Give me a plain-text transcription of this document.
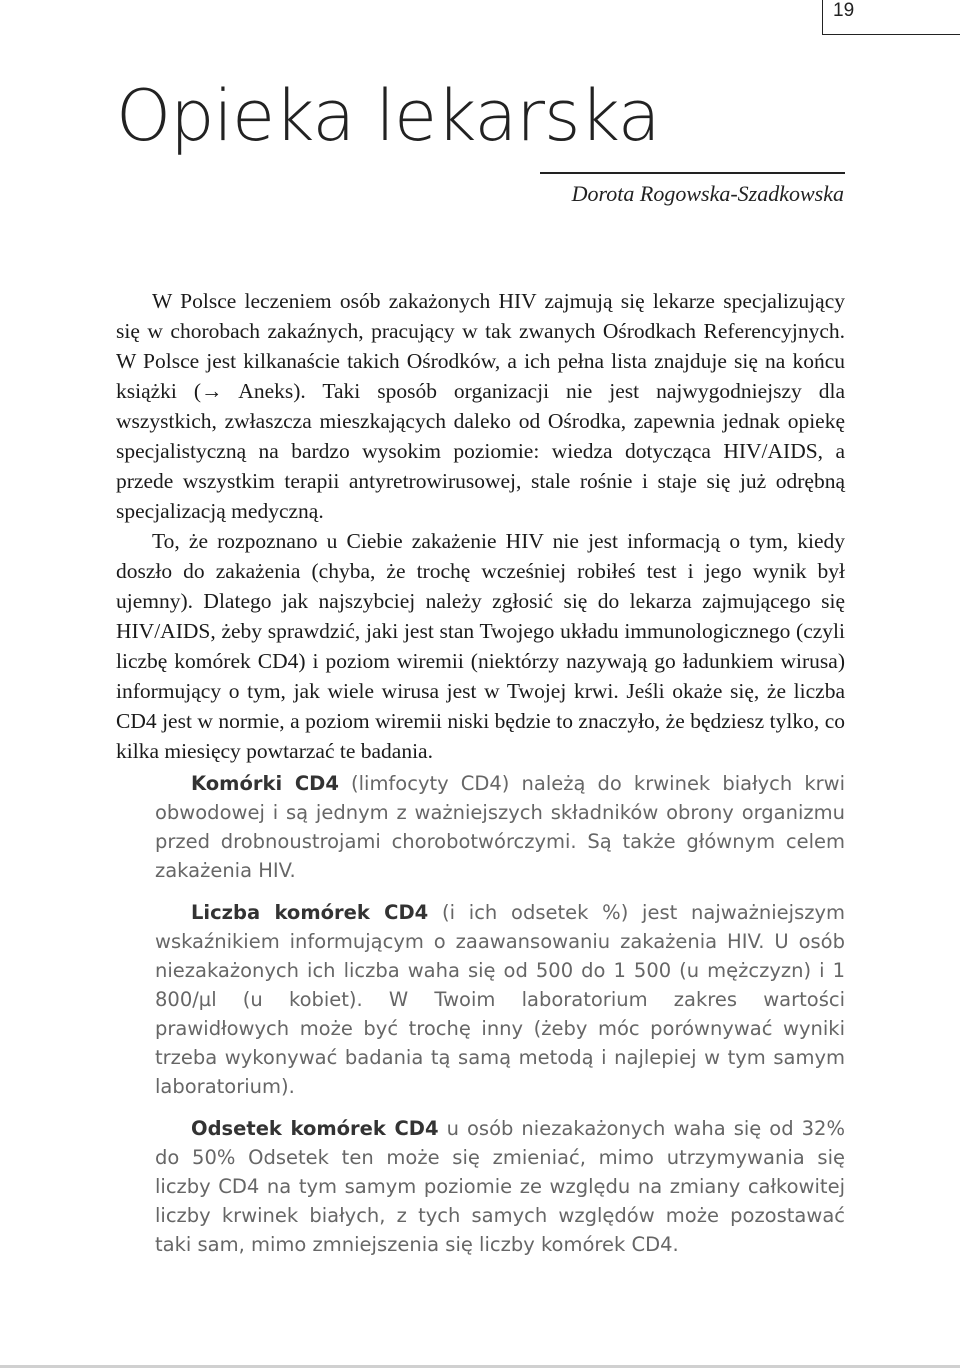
19
Opieka lekarska
Dorota Rogowska-Szadkowska

W Polsce leczeniem osób zakażonych HIV zajmują się lekarze specjalizujący się w chorobach zakaźnych, pracujący w tak zwanych Ośrodkach Referencyjnych. W Polsce jest kilkanaście takich Ośrodków, a ich pełna lista znajduje się na końcu książki (→ Aneks). Taki sposób organizacji nie jest najwygodniejszy dla wszystkich, zwłaszcza mieszkających daleko od Ośrodka, zapewnia jednak opiekę specjalistyczną na bardzo wysokim poziomie: wiedza dotycząca HIV/AIDS, a przede wszystkim terapii antyretrowirusowej, stale rośnie i staje się już odrębną specjalizacją medyczną.

To, że rozpoznano u Ciebie zakażenie HIV nie jest informacją o tym, kiedy doszło do zakażenia (chyba, że trochę wcześniej robiłeś test i jego wynik był ujemny). Dlatego jak najszybciej należy zgłosić się do lekarza zajmującego się HIV/AIDS, żeby sprawdzić, jaki jest stan Twojego układu immunologicznego (czyli liczbę komórek CD4) i poziom wiremii (niektórzy nazywają go ładunkiem wirusa) informujący o tym, jak wiele wirusa jest w Twojej krwi. Jeśli okaże się, że liczba CD4 jest w normie, a poziom wiremii niski będzie to znaczyło, że będziesz tylko, co kilka miesięcy powtarzać te badania.

Komórki CD4 (limfocyty CD4) należą do krwinek białych krwi obwodowej i są jednym z ważniejszych składników obrony organizmu przed drobnoustrojami chorobotwórczymi. Są także głównym celem zakażenia HIV.

Liczba komórek CD4 (i ich odsetek %) jest najważniejszym wskaźnikiem informującym o zaawansowaniu zakażenia HIV. U osób niezakażonych ich liczba waha się od 500 do 1 500 (u mężczyzn) i 1 800/µl (u kobiet). W Twoim laboratorium zakres wartości prawidłowych może być trochę inny (żeby móc porównywać wyniki trzeba wykonywać badania tą samą metodą i najlepiej w tym samym laboratorium).

Odsetek komórek CD4 u osób niezakażonych waha się od 32% do 50% Odsetek ten może się zmieniać, mimo utrzymywania się liczby CD4 na tym samym poziomie ze względu na zmiany całkowitej liczby krwinek białych, z tych samych względów może pozostawać taki sam, mimo zmniejszenia się liczby komórek CD4.
